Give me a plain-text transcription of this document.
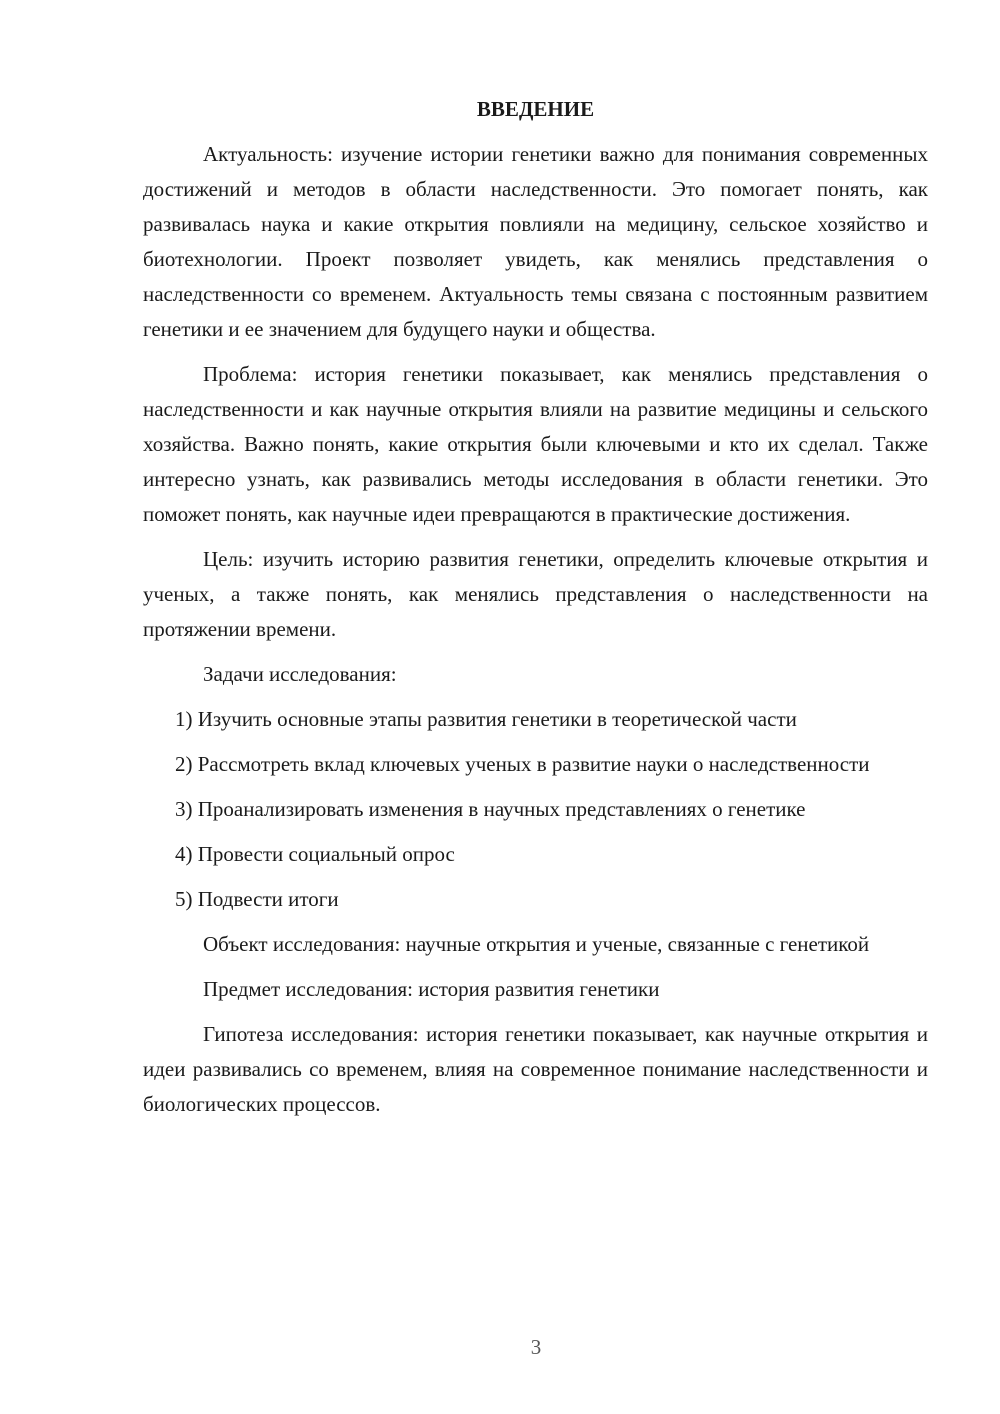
ВВЕДЕНИЕ

Актуальность: изучение истории генетики важно для понимания современных достижений и методов в области наследственности. Это помогает понять, как развивалась наука и какие открытия повлияли на медицину, сельское хозяйство и биотехнологии. Проект позволяет увидеть, как менялись представления о наследственности со временем. Актуальность темы связана с постоянным развитием генетики и ее значением для будущего науки и общества.

Проблема: история генетики показывает, как менялись представления о наследственности и как научные открытия влияли на развитие медицины и сельского хозяйства. Важно понять, какие открытия были ключевыми и кто их сделал. Также интересно узнать, как развивались методы исследования в области генетики. Это поможет понять, как научные идеи превращаются в практические достижения.

Цель: изучить историю развития генетики, определить ключевые открытия и ученых, а также понять, как менялись представления о наследственности на протяжении времени.

Задачи исследования:

1) Изучить основные этапы развития генетики в теоретической части

2) Рассмотреть вклад ключевых ученых в развитие науки о наследственности

3) Проанализировать изменения в научных представлениях о генетике

4) Провести социальный опрос

5) Подвести итоги

Объект исследования: научные открытия и ученые, связанные с генетикой

Предмет исследования: история развития генетики

Гипотеза исследования: история генетики показывает, как научные открытия и идеи развивались со временем, влияя на современное понимание наследственности и биологических процессов.

3
